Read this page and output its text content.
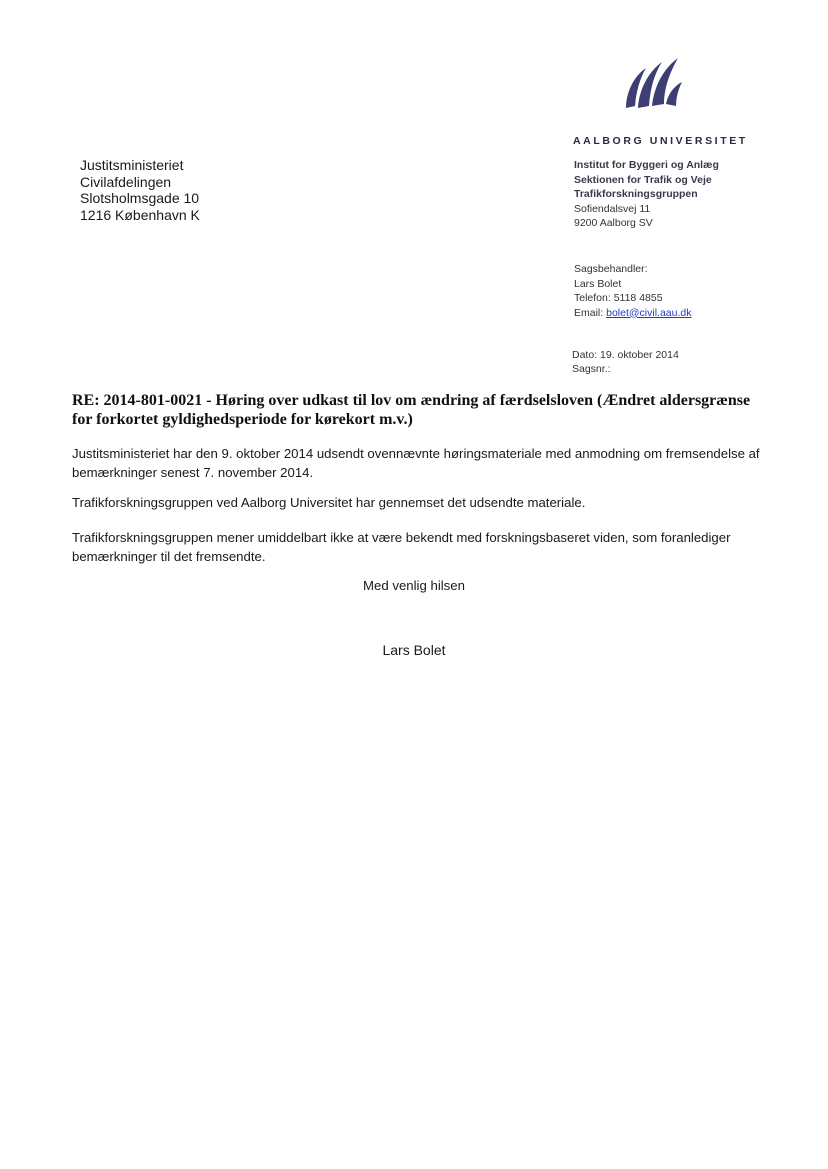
AALBORG UNIVERSITET
Justitsministeriet
Civilafdelingen
Slotsholmsgade 10
1216 København K
Institut for Byggeri og Anlæg
Sektionen for Trafik og Veje
Trafikforskningsgruppen
Sofiendalsvej 11
9200 Aalborg SV
Sagsbehandler:
Lars Bolet
Telefon: 5118 4855
Email: bolet@civil.aau.dk
Dato: 19. oktober 2014
Sagsnr.:
RE: 2014-801-0021 - Høring over udkast til lov om ændring af færdselsloven (Ændret aldersgrænse for forkortet gyldighedsperiode for kørekort m.v.)
Justitsministeriet har den 9. oktober 2014 udsendt ovennævnte høringsmateriale med anmodning om fremsendelse af bemærkninger senest 7. november 2014.
Trafikforskningsgruppen ved Aalborg Universitet har gennemset det udsendte materiale.
Trafikforskningsgruppen mener umiddelbart ikke at være bekendt med forskningsbaseret viden, som foranlediger bemærkninger til det fremsendte.
Med venlig hilsen
Lars Bolet
